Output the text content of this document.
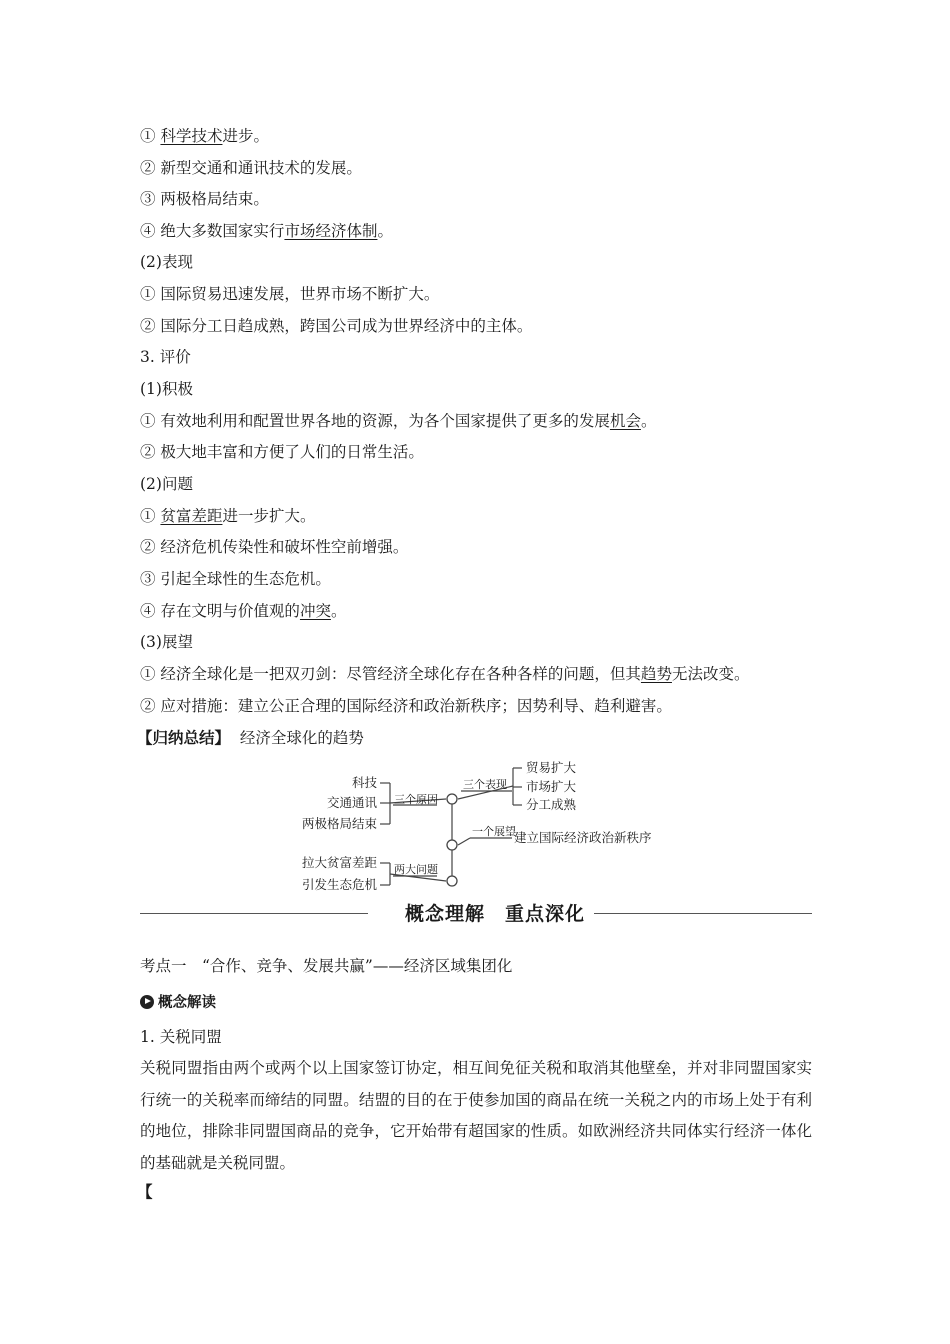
① 科学技术进步。
② 新型交通和通讯技术的发展。
③ 两极格局结束。
④ 绝大多数国家实行市场经济体制。
(2)表现
① 国际贸易迅速发展，世界市场不断扩大。
② 国际分工日趋成熟，跨国公司成为世界经济中的主体。
3. 评价
(1)积极
① 有效地利用和配置世界各地的资源，为各个国家提供了更多的发展机会。
② 极大地丰富和方便了人们的日常生活。
(2)问题
① 贫富差距进一步扩大。
② 经济危机传染性和破坏性空前增强。
③ 引起全球性的生态危机。
④ 存在文明与价值观的冲突。
(3)展望
① 经济全球化是一把双刃剑：尽管经济全球化存在各种各样的问题，但其趋势无法改变。
② 应对措施：建立公正合理的国际经济和政治新秩序；因势利导、趋利避害。
【归纳总结】 经济全球化的趋势
科技
交通通讯
两极格局结束
三个原因
三个表现
贸易扩大
市场扩大
分工成熟
一个展望
建立国际经济政治新秩序
拉大贫富差距
引发生态危机
两大问题
概念理解　重点深化
考点一　“合作、竞争、发展共赢”——经济区域集团化
概念解读
1. 关税同盟
关税同盟指由两个或两个以上国家签订协定，相互间免征关税和取消其他壁垒，并对非同盟国家实行统一的关税率而缔结的同盟。结盟的目的在于使参加国的商品在统一关税之内的市场上处于有利的地位，排除非同盟国商品的竞争，它开始带有超国家的性质。如欧洲经济共同体实行经济一体化的基础就是关税同盟。
【
